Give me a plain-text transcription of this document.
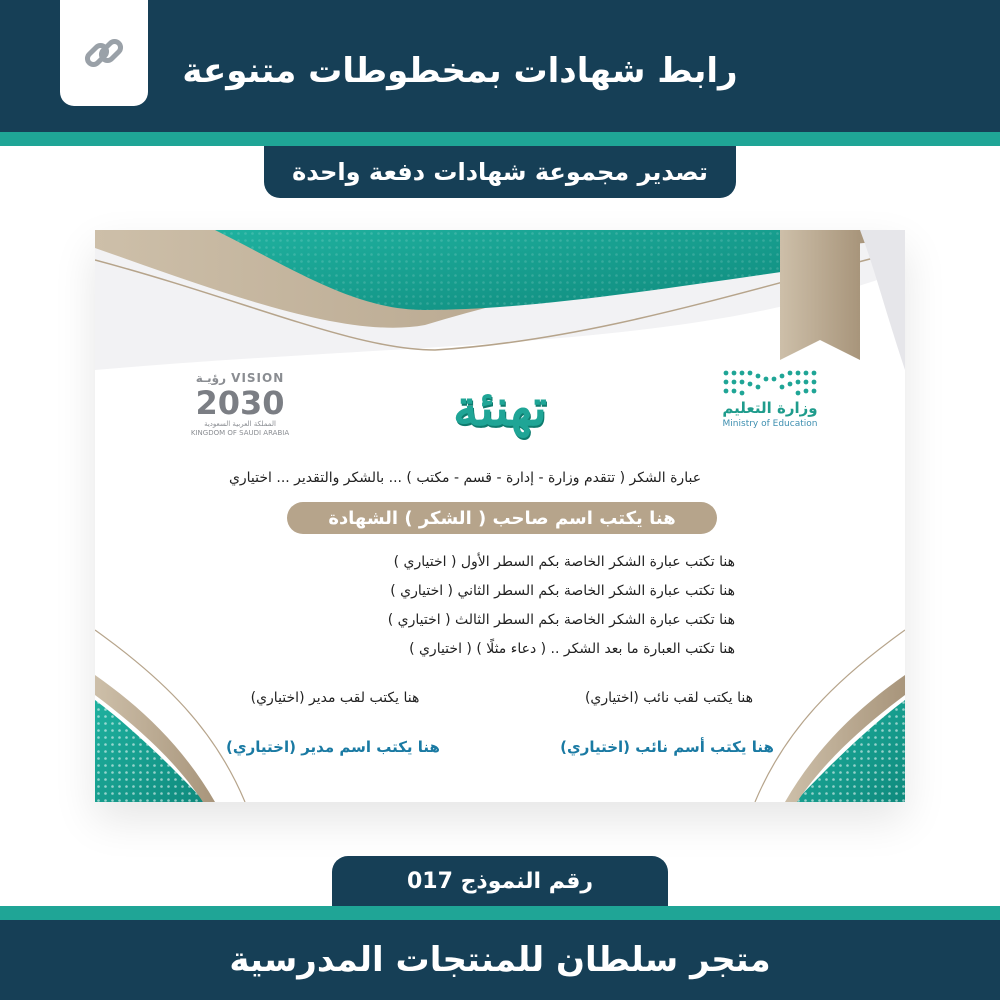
رابط شهادات بمخطوطات متنوعة
تصدير مجموعة شهادات دفعة واحدة
VISION رؤيـة
2030
المملكة العربية السعودية
KINGDOM OF SAUDI ARABIA	تهنئة	وزارة التعليم
Ministry of Education
عبارة الشكر ( تتقدم وزارة - إدارة - قسم - مكتب ) ... بالشكر والتقدير ... اختياري
هنا يكتب اسم صاحب ( الشكر ) الشهادة
هنا تكتب عبارة الشكر الخاصة بكم السطر الأول ( اختياري )
هنا تكتب عبارة الشكر الخاصة بكم السطر الثاني ( اختياري )
هنا تكتب عبارة الشكر الخاصة بكم السطر الثالث ( اختياري )
هنا تكتب العبارة ما بعد الشكر .. ( دعاء مثلًا ) ( اختياري )
هنا يكتب لقب نائب (اختياري)
هنا يكتب لقب مدير (اختياري)
هنا يكتب أسم نائب (اختياري)
هنا يكتب اسم مدير (اختياري)
رقم النموذج 017
متجر سلطان للمنتجات المدرسية
